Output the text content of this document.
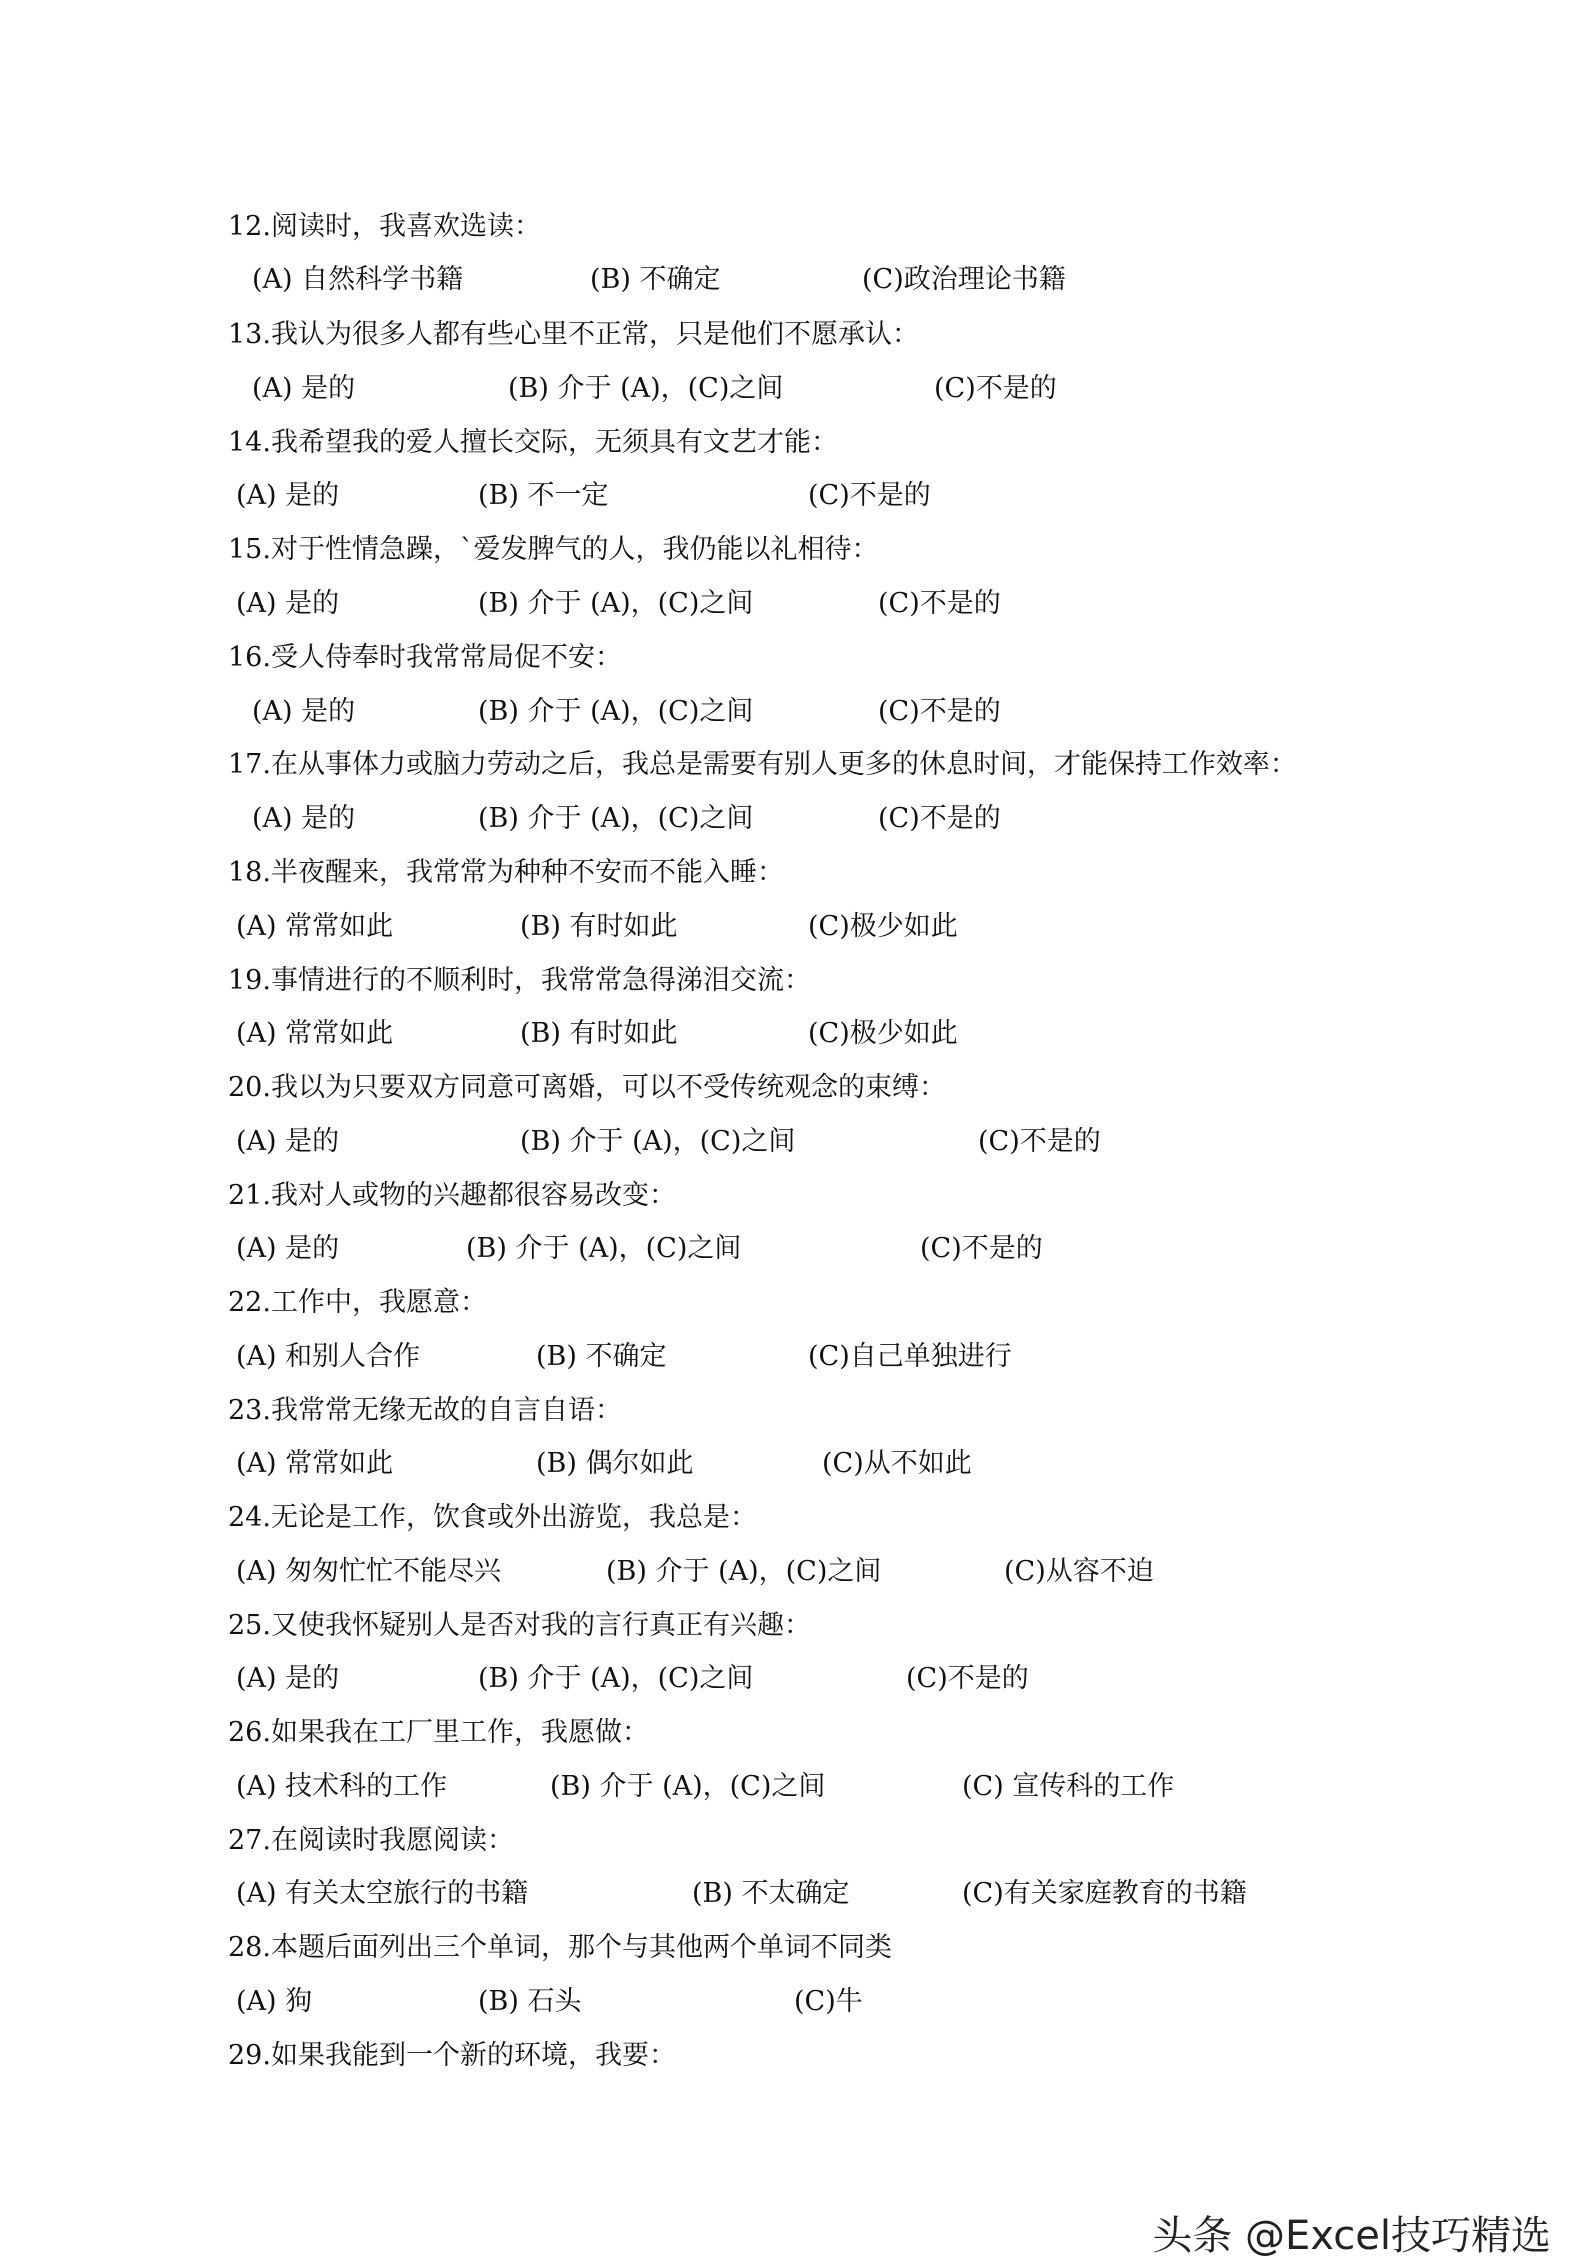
12.阅读时，我喜欢选读：
(A) 自然科学书籍	(B) 不确定	(C)政治理论书籍
13.我认为很多人都有些心里不正常，只是他们不愿承认：
(A) 是的	(B) 介于 (A)，(C)之间	(C)不是的
14.我希望我的爱人擅长交际，无须具有文艺才能：
(A) 是的	(B) 不一定	(C)不是的
15.对于性情急躁，`爱发脾气的人，我仍能以礼相待：
(A) 是的	(B) 介于 (A)，(C)之间	(C)不是的
16.受人侍奉时我常常局促不安：
(A) 是的	(B) 介于 (A)，(C)之间	(C)不是的
17.在从事体力或脑力劳动之后，我总是需要有别人更多的休息时间，才能保持工作效率：
(A) 是的	(B) 介于 (A)，(C)之间	(C)不是的
18.半夜醒来，我常常为种种不安而不能入睡：
(A) 常常如此	(B) 有时如此	(C)极少如此
19.事情进行的不顺利时，我常常急得涕泪交流：
(A) 常常如此	(B) 有时如此	(C)极少如此
20.我以为只要双方同意可离婚，可以不受传统观念的束缚：
(A) 是的	(B) 介于 (A)，(C)之间	(C)不是的
21.我对人或物的兴趣都很容易改变：
(A) 是的	(B) 介于 (A)，(C)之间	(C)不是的
22.工作中，我愿意：
(A) 和别人合作	(B) 不确定	(C)自己单独进行
23.我常常无缘无故的自言自语：
(A) 常常如此	(B) 偶尔如此	(C)从不如此
24.无论是工作，饮食或外出游览，我总是：
(A) 匆匆忙忙不能尽兴	(B) 介于 (A)，(C)之间	(C)从容不迫
25.又使我怀疑别人是否对我的言行真正有兴趣：
(A) 是的	(B) 介于 (A)，(C)之间	(C)不是的
26.如果我在工厂里工作，我愿做：
(A) 技术科的工作	(B) 介于 (A)，(C)之间	(C) 宣传科的工作
27.在阅读时我愿阅读：
(A) 有关太空旅行的书籍	(B) 不太确定	(C)有关家庭教育的书籍
28.本题后面列出三个单词，那个与其他两个单词不同类
(A) 狗	(B) 石头	(C)牛
29.如果我能到一个新的环境，我要：
头条 @Excel技巧精选
